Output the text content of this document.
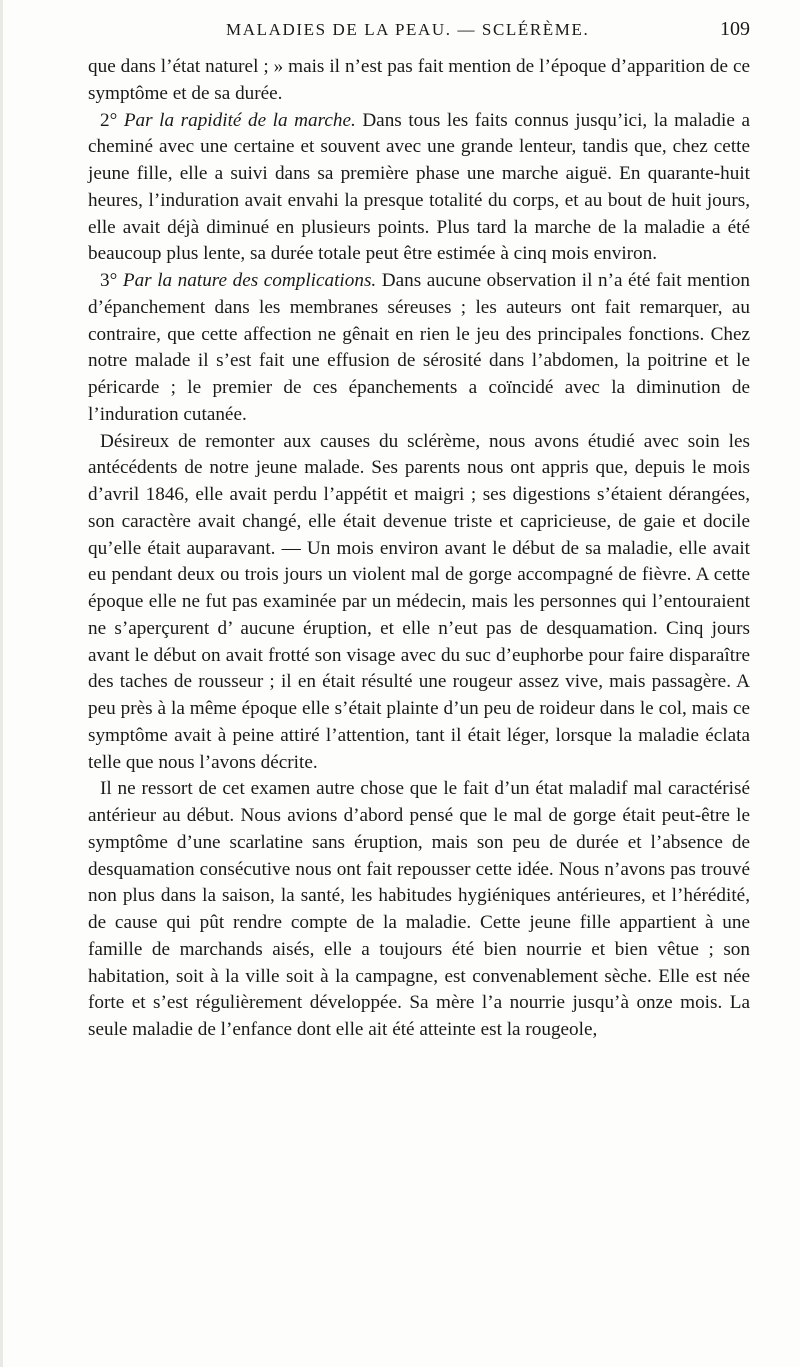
MALADIES DE LA PEAU. — SCLÉRÈME.	109

que dans l’état naturel ; » mais il n’est pas fait mention de l’époque d’apparition de ce symptôme et de sa durée.

2° Par la rapidité de la marche. Dans tous les faits connus jusqu’ici, la maladie a cheminé avec une certaine et souvent avec une grande lenteur, tandis que, chez cette jeune fille, elle a suivi dans sa première phase une marche aiguë. En quarante-huit heures, l’induration avait envahi la presque totalité du corps, et au bout de huit jours, elle avait déjà diminué en plusieurs points. Plus tard la marche de la maladie a été beaucoup plus lente, sa durée totale peut être estimée à cinq mois environ.

3° Par la nature des complications. Dans aucune observation il n’a été fait mention d’épanchement dans les membranes séreuses ; les auteurs ont fait remarquer, au contraire, que cette affection ne gênait en rien le jeu des principales fonctions. Chez notre malade il s’est fait une effusion de sérosité dans l’abdomen, la poitrine et le péricarde ; le premier de ces épanchements a coïncidé avec la diminution de l’induration cutanée.

Désireux de remonter aux causes du sclérème, nous avons étudié avec soin les antécédents de notre jeune malade. Ses parents nous ont appris que, depuis le mois d’avril 1846, elle avait perdu l’appétit et maigri ; ses digestions s’étaient dérangées, son caractère avait changé, elle était devenue triste et capricieuse, de gaie et docile qu’elle était auparavant. — Un mois environ avant le début de sa maladie, elle avait eu pendant deux ou trois jours un violent mal de gorge accompagné de fièvre. A cette époque elle ne fut pas examinée par un médecin, mais les personnes qui l’entouraient ne s’aperçurent d’ aucune éruption, et elle n’eut pas de desquamation. Cinq jours avant le début on avait frotté son visage avec du suc d’euphorbe pour faire disparaître des taches de rousseur ; il en était résulté une rougeur assez vive, mais passagère. A peu près à la même époque elle s’était plainte d’un peu de roideur dans le col, mais ce symptôme avait à peine attiré l’attention, tant il était léger, lorsque la maladie éclata telle que nous l’avons décrite.

Il ne ressort de cet examen autre chose que le fait d’un état maladif mal caractérisé antérieur au début. Nous avions d’abord pensé que le mal de gorge était peut-être le symptôme d’une scarlatine sans éruption, mais son peu de durée et l’absence de desquamation consécutive nous ont fait repousser cette idée. Nous n’avons pas trouvé non plus dans la saison, la santé, les habitudes hygiéniques antérieures, et l’hérédité, de cause qui pût rendre compte de la maladie. Cette jeune fille appartient à une famille de marchands aisés, elle a toujours été bien nourrie et bien vêtue ; son habitation, soit à la ville soit à la campagne, est convenablement sèche. Elle est née forte et s’est régulièrement développée. Sa mère l’a nourrie jusqu’à onze mois. La seule maladie de l’enfance dont elle ait été atteinte est la rougeole,
